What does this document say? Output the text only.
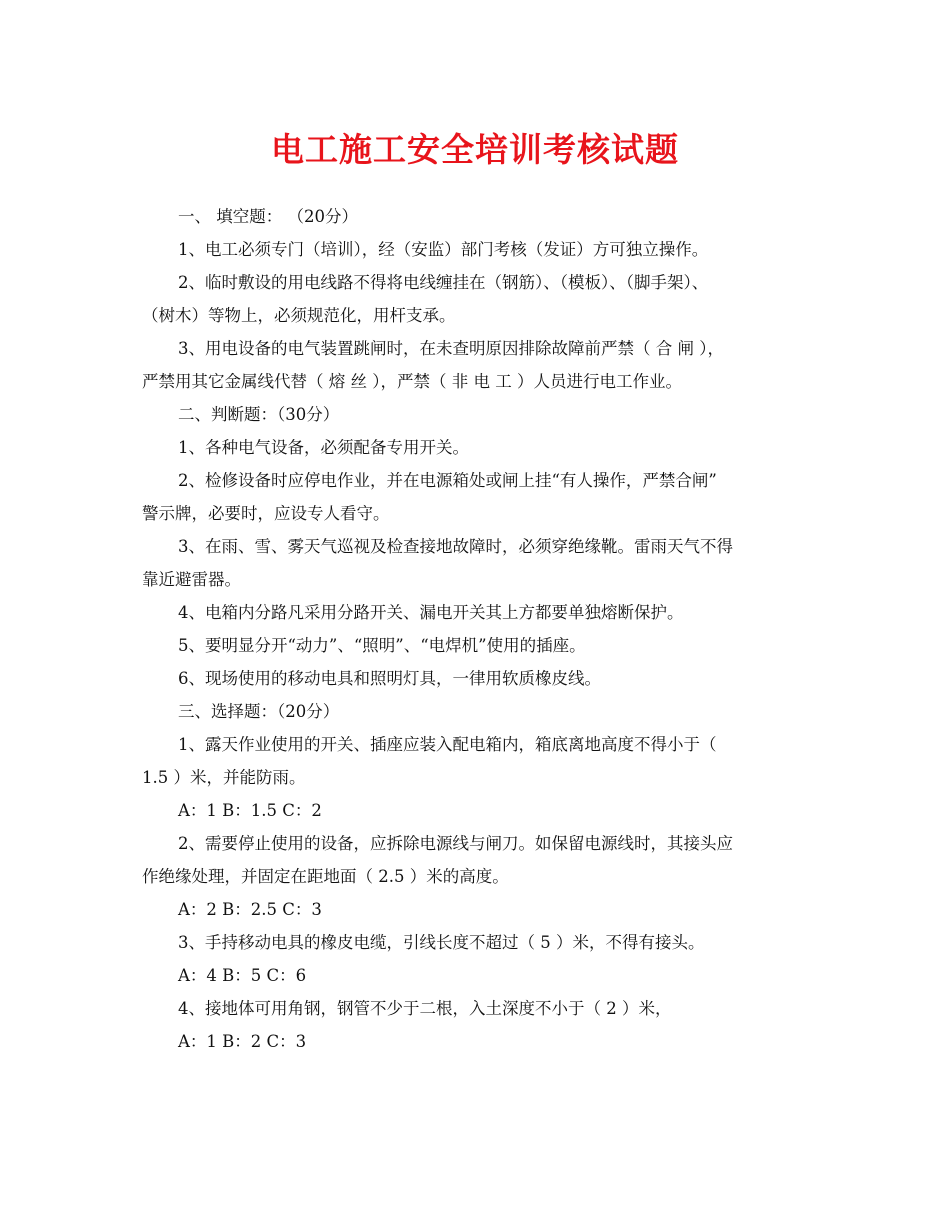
电工施工安全培训考核试题
一、 填空题： （20分）
1、电工必须专门（培训），经（安监）部门考核（发证）方可独立操作。
2、临时敷设的用电线路不得将电线缠挂在（钢筋）、（模板）、（脚手架）、
（树木）等物上，必须规范化，用杆支承。
3、用电设备的电气装置跳闸时，在未查明原因排除故障前严禁（ 合 闸 ），
严禁用其它金属线代替（ 熔 丝 ），严禁（ 非 电 工 ）人员进行电工作业。
二、判断题：（30分）
1、各种电气设备，必须配备专用开关。
2、检修设备时应停电作业，并在电源箱处或闸上挂“有人操作，严禁合闸”
警示牌，必要时，应设专人看守。
3、在雨、雪、雾天气巡视及检查接地故障时，必须穿绝缘靴。雷雨天气不得
靠近避雷器。
4、电箱内分路凡采用分路开关、漏电开关其上方都要单独熔断保护。
5、要明显分开“动力”、“照明”、“电焊机”使用的插座。
6、现场使用的移动电具和照明灯具，一律用软质橡皮线。
三、选择题：（20分）
1、露天作业使用的开关、插座应装入配电箱内，箱底离地高度不得小于（
1.5 ）米，并能防雨。
A：1 B：1.5 C：2
2、需要停止使用的设备，应拆除电源线与闸刀。如保留电源线时，其接头应
作绝缘处理，并固定在距地面（ 2.5 ）米的高度。
A：2 B：2.5 C：3
3、手持移动电具的橡皮电缆，引线长度不超过（ 5 ）米，不得有接头。
A：4 B：5 C：6
4、接地体可用角钢，钢管不少于二根，入土深度不小于（ 2 ）米，
A：1 B：2 C：3
